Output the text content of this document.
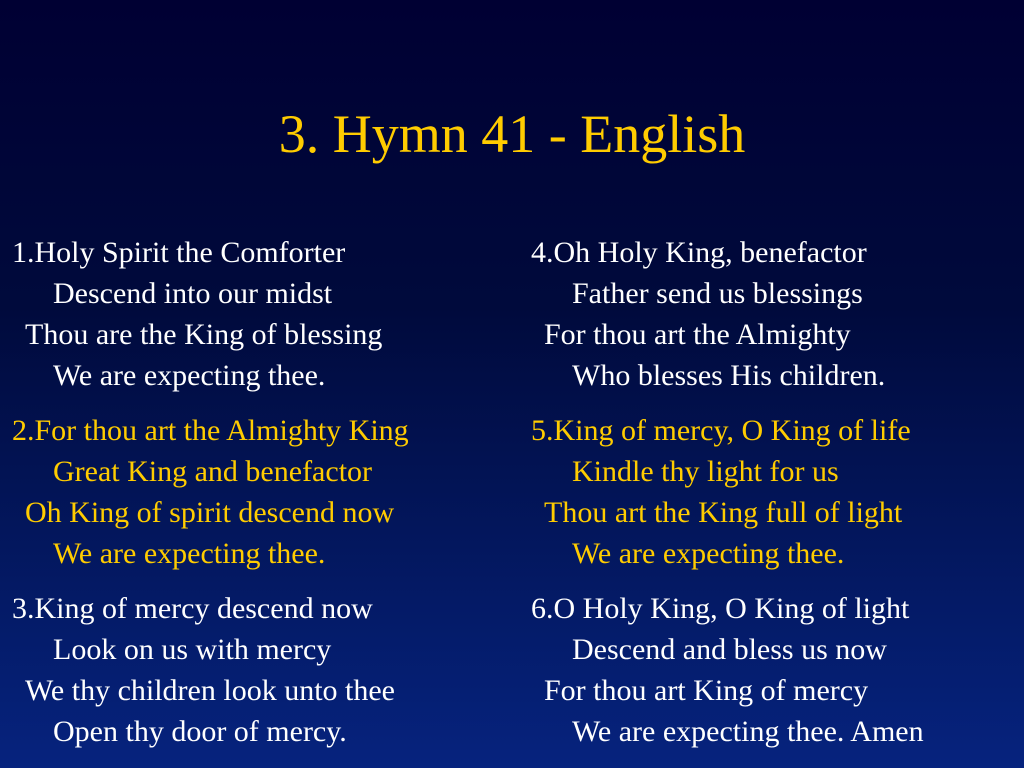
3. Hymn 41 - English
1.Holy Spirit the Comforter
Descend into our midst
Thou are the King of blessing
We are expecting thee.
2.For thou art the Almighty King
Great King and benefactor
Oh King of spirit descend now
We are expecting thee.
3.King of mercy descend now
Look on us with mercy
We thy children look unto thee
Open thy door of mercy.
4.Oh Holy King, benefactor
Father send us blessings
For thou art the Almighty
Who blesses His children.
5.King of mercy, O King of life
Kindle thy light for us
Thou art the King full of light
We are expecting thee.
6.O Holy King, O King of light
Descend and bless us now
For thou art King of mercy
We are expecting thee. Amen
